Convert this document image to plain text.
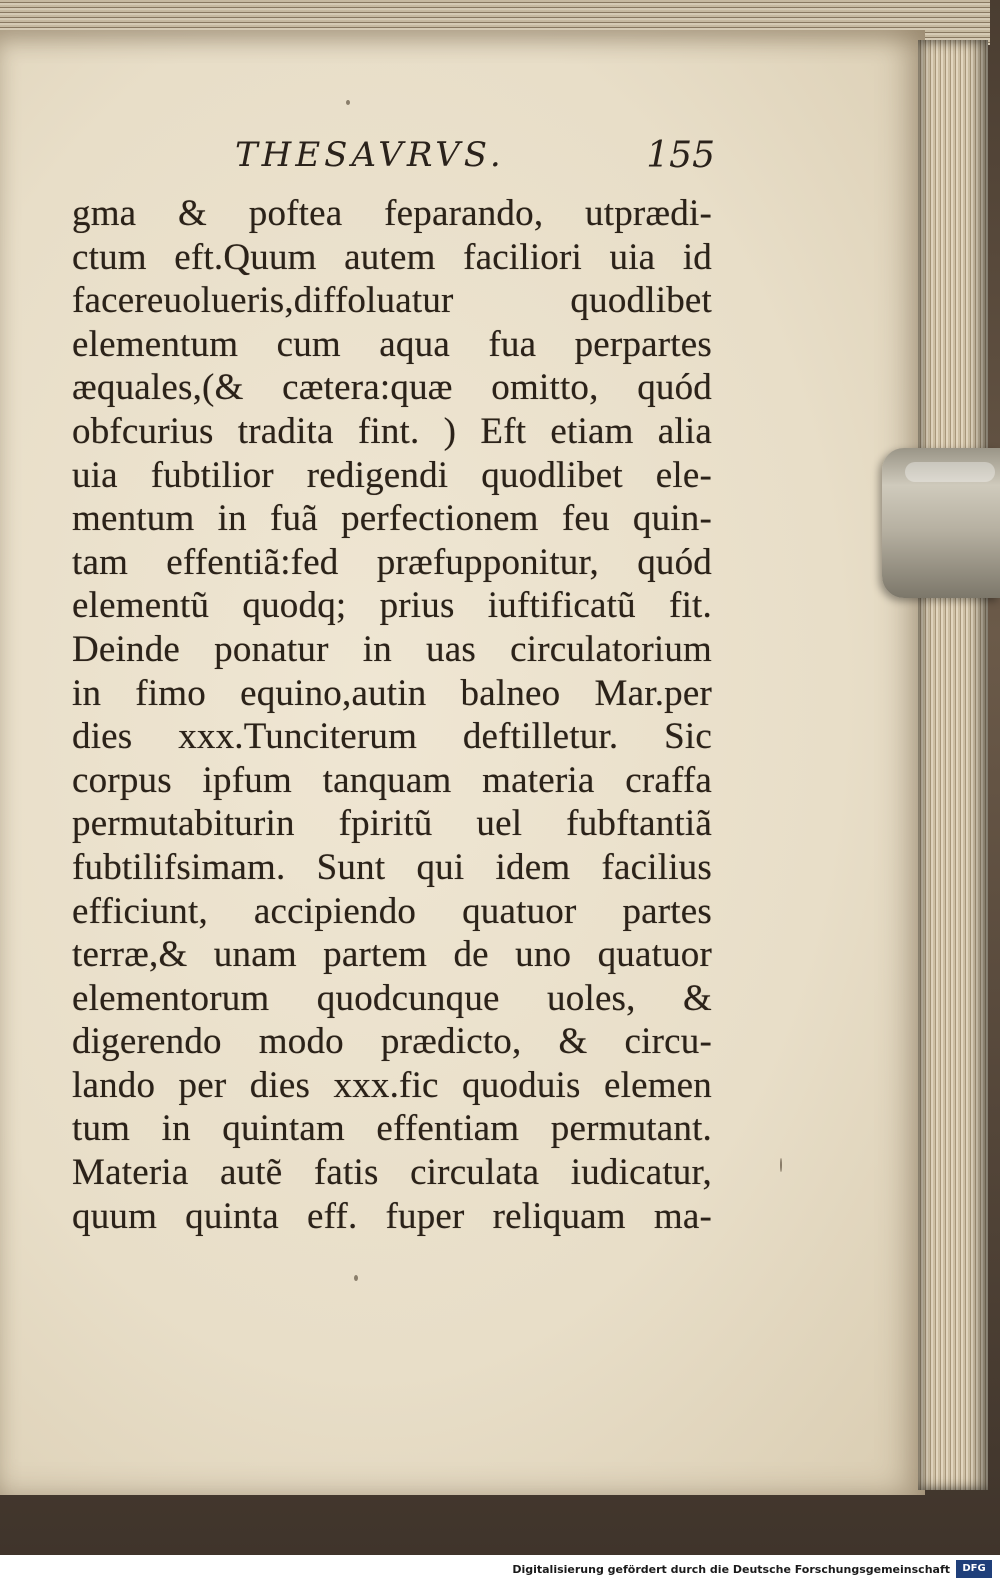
THESAVRVS.	155
gma & poftea feparando, utprædi-
ctum eft.Quum autem faciliori uia id
facereuolueris,diffoluatur quodlibet
elementum cum aqua fua perpartes
æquales,(& cætera:quæ omitto, quód
obfcurius tradita fint. ) Eft etiam alia
uia fubtilior redigendi quodlibet ele-
mentum in fuã perfectionem feu quin-
tam effentiã:fed præfupponitur, quód
elementũ quodq; prius iuftificatũ fit.
Deinde ponatur in uas circulatorium
in fimo equino,autin balneo Mar.per
dies xxx.Tunciterum deftilletur. Sic
corpus ipfum tanquam materia craffa
permutabiturin fpiritũ uel fubftantiã
fubtilifsimam. Sunt qui idem facilius
efficiunt, accipiendo quatuor partes
terræ,& unam partem de uno quatuor
elementorum quodcunque uoles, &
digerendo modo prædicto, & circu-
lando per dies xxx.fic quoduis elemen
tum in quintam effentiam permutant.
Materia autẽ fatis circulata iudicatur,
quum quinta eff. fuper reliquam ma-
Digitalisierung gefördert durch die Deutsche Forschungsgemeinschaft	DFG
